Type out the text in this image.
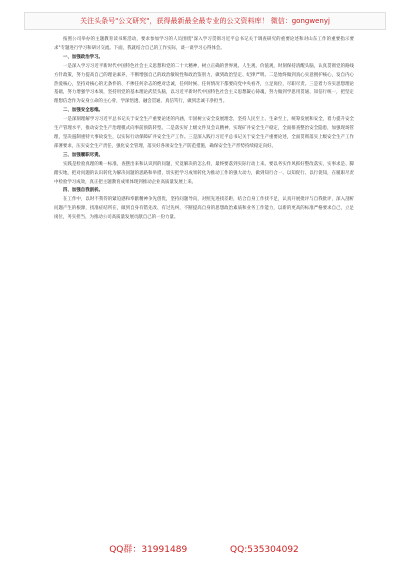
关注头条号"公文研究"，获得最新最全最专业的公文资料库！ 微信：gongwenyj

按照公司举办的主题教育读书班活动，要求参加学习的人员围绕"深入学习贯彻习近平总书记关于调查研究的重要论述和对山东工作的重要指示要求"专题进行学习和研讨交流。下面，我就结合自己的工作实际，谈一谈学习心得体会。

一、加强政治学习。

一是深入学习习近平新时代中国特色社会主义思想和党的二十大精神，树立正确的世界观、人生观、价值观，时刻保持清醒头脑，认真贯彻党的路线方针政策，努力提高自己的理论素养，不断增强自己的政治敏锐性和政治鉴别力，做到政治坚定、纪律严明。二是始终做到真心实意拥护核心，发自内心热爱核心，坚持对核心的无条件的、不掺任何杂志的绝对忠诚，任何时候、任何情况下都要向党中央看齐，立足岗位，尽职尽责。三是着力夯实思想理论基础，努力增强学习本领，坚持用党的基本理论武装头脑，以习近平新时代中国特色社会主义思想凝心铸魂，努力做到学思用贯通、知信行统一，把坚定理想信念作为安身立命的主心骨，学深悟透、融会贯通、真信笃行，做到忠诚干净担当。

二、加强安全思维。

一是深刻理解学习习近平总书记关于安全生产重要论述的内涵，牢固树立安全发展理念，坚持人民至上、生命至上，统筹发展和安全，着力提升安全生产管理水平，推动安全生产治理模式向事前预防转型。二是落实好上级文件及会议精神，实现矿井安全生产稳定，全面排查整治安全隐患，加强现场管理，坚决遏制重特大事故发生，以实际行动保障矿井安全生产工作。三是深入践行习近平总书记关于安全生产重要论述，全面贯彻落实上级安全生产工作部署要求，压实安全生产责任，强化安全管理，落实好各项安全生产防范措施，确保安全生产形势持续稳定向好。

三、加强履职尽责。

实践是检验真理的唯一标准，查摆出来和认识到的问题，究竟解决的怎么样，最终要落到实际行动上来。要以务实作风抓好整改落实，实事求是、脚踏实地，把对问题的认识转化为解决问题的思路和举措，切实把学习成果转化为推动工作的强大动力，做到知行合一、以知促行、以行促知，在履职尽责中检验学习成效，真正把主题教育成果体现到推动企业高质量发展上来。

四、加强自我剖析。

在工作中，以时不我待的紧迫感和奉献精神争先创优，坚持问题导向，对照先进找差距，结合自身工作找不足，认真开展批评与自我批评，深入剖析问题产生的根源，找准症结所在，做到自身有错先改、有过先纠，不断提高自身的思想政治素质和业务工作能力，以新的更高的标准严格要求自己，立足岗位，务实担当，为推动公司高质量发展贡献自己的一份力量。

QQ群：31991489	QQ:535304092
